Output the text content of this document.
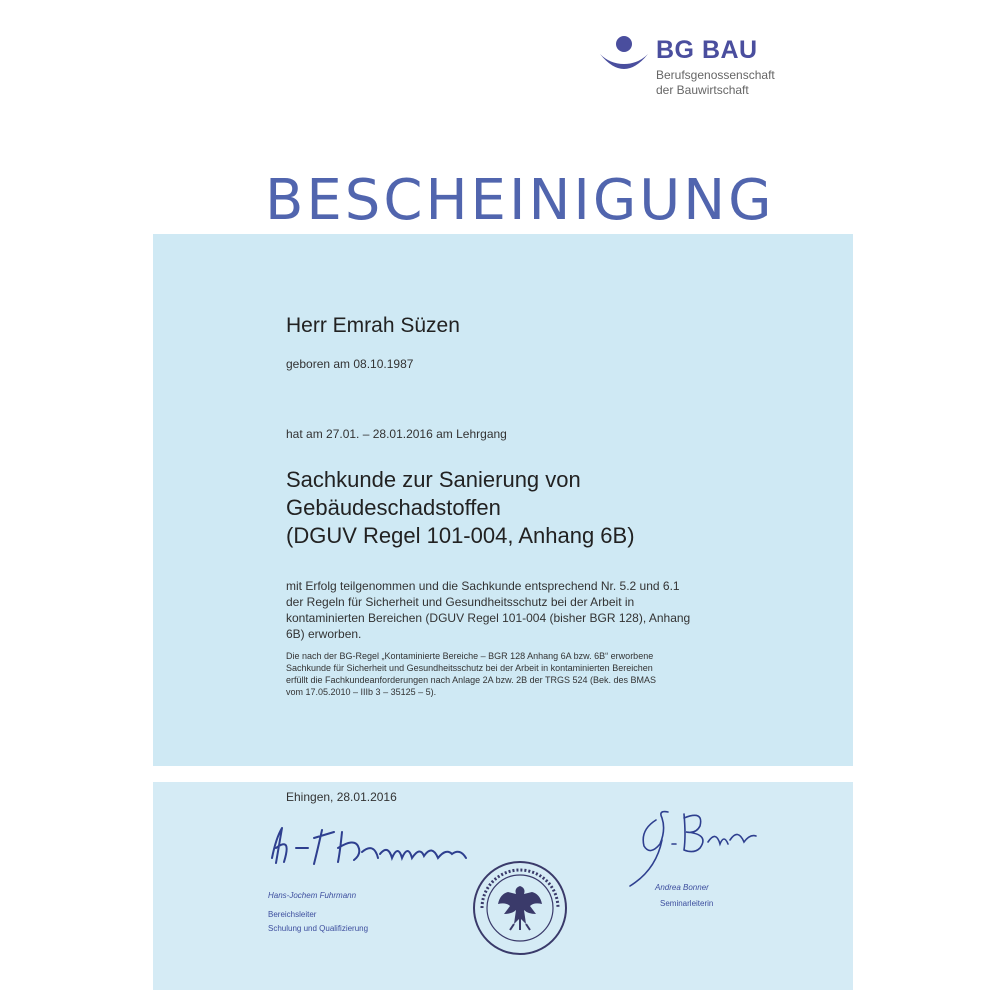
BG BAU
Berufsgenossenschaft
der Bauwirtschaft
BESCHEINIGUNG
Herr Emrah Süzen
geboren am 08.10.1987
hat am 27.01. – 28.01.2016 am Lehrgang
Sachkunde zur Sanierung von
Gebäudeschadstoffen
(DGUV Regel 101-004, Anhang 6B)
mit Erfolg teilgenommen und die Sachkunde entsprechend Nr. 5.2 und 6.1
der Regeln für Sicherheit und Gesundheitsschutz bei der Arbeit in
kontaminierten Bereichen (DGUV Regel 101-004 (bisher BGR 128), Anhang
6B) erworben.
Die nach der BG-Regel „Kontaminierte Bereiche – BGR 128 Anhang 6A bzw. 6B“ erworbene
Sachkunde für Sicherheit und Gesundheitsschutz bei der Arbeit in kontaminierten Bereichen
erfüllt die Fachkundeanforderungen nach Anlage 2A bzw. 2B der TRGS 524 (Bek. des BMAS
vom 17.05.2010 – IIIb 3 – 35125 – 5).
Ehingen, 28.01.2016
Hans-Jochem Fuhrmann
Bereichsleiter
Schulung und Qualifizierung
Andrea Bonner
Seminarleiterin
